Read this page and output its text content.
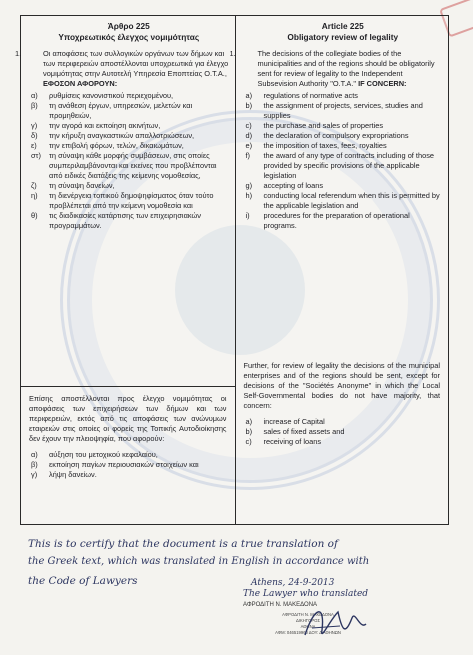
Άρθρο 225
Υποχρεωτικός έλεγχος νομιμότητας
1.	Οι αποφάσεις των συλλογικών οργάνων των δήμων και των περιφερειών αποστέλλονται υποχρεωτικά για έλεγχο νομιμότητας στην Αυτοτελή Υπηρεσία Εποπτείας Ο.Τ.Α.,
ΕΦΟΣΟΝ ΑΦΟΡΟΥΝ:
α)	ρυθμίσεις κανονιστικού περιεχομένου,
β)	τη ανάθεση έργων, υπηρεσιών, μελετών και προμηθειών,
γ)	την αγορά και εκποίηση ακινήτων,
δ)	την κήρυξη αναγκαστικών απαλλοτριώσεων,
ε)	την επιβολή φόρων, τελών, δικαιωμάτων,
στ)	τη σύναψη κάθε μορφής συμβάσεων, στις οποίες συμπεριλαμβάνονται και εκείνες που προβλέπονται από ειδικές διατάξεις της κείμενης νομοθεσίας,
ζ)	τη σύναψη δανείων,
η)	τη διενέργεια τοπικού δημοψηφίσματος όταν τούτο προβλέπεται από την κείμενη νομοθεσία και
θ)	τις διαδικασίες κατάρτισης των επιχειρησιακών προγραμμάτων.
Επίσης αποστέλλονται προς έλεγχο νομιμότητας οι αποφάσεις των επιχειρήσεων των δήμων και των περιφερειών, εκτός από τις αποφάσεις των ανώνυμων εταιρειών στις οποίες οι φορείς της Τοπικής Αυτοδιοίκησης δεν έχουν την πλειοψηφία, που αφορούν:
α)	αύξηση του μετοχικού κεφαλαίου,
β)	εκποίηση παγίων περιουσιακών στοιχείων και
γ)	λήψη δανείων.
Article 225
Obligatory review of legality
1.	The decisions of the collegiate bodies of the municipalities and of the regions should be obligatorily sent for review of legality to the Independent Subsevision Authority "O.T.A." IF CONCERN:
a)	regulations of normative acts
b)	the assignment of projects, services, studies and supplies
c)	the purchase and sales of properties
d)	the declaration of compulsory expropriations
e)	the imposition of taxes, fees, royalties
f)	the award of any type of contracts including of those provided by specific provisions of the applicable legislation
g)	accepting of loans
h)	conducting local referendum when this is permitted by the applicable legislation and
i)	procedures for the preparation of operational programs.
Further, for review of legality the decisions of the municipal enterprises and of the regions should be sent, except for decisions of the "Sociétés Anonyme" in which the Local Self-Governmental bodies do not have majority, that concern:
a)	increase of Capital
b)	sales of fixed assets and
c)	receiving of loans
This is to certify that the document is a true translation of
the Greek text, which was translated in English in accordance with
the Code of Lawyers	Athens, 24-9-2013
The Lawyer who translated
ΑΦΡΟΔΙΤΗ Ν. ΜΑΚΕΔΟΝΑ
ΑΦΡΟΔΙΤΗ Ν. ΜΑΚΕΔΟΝΑ
ΔΙΚΗΓΟΡΟΣ
ΑΘΗΝΑ
ΑΦΜ: 046519960 ΔΟΥ: Δ ΑΘΗΝΩΝ
